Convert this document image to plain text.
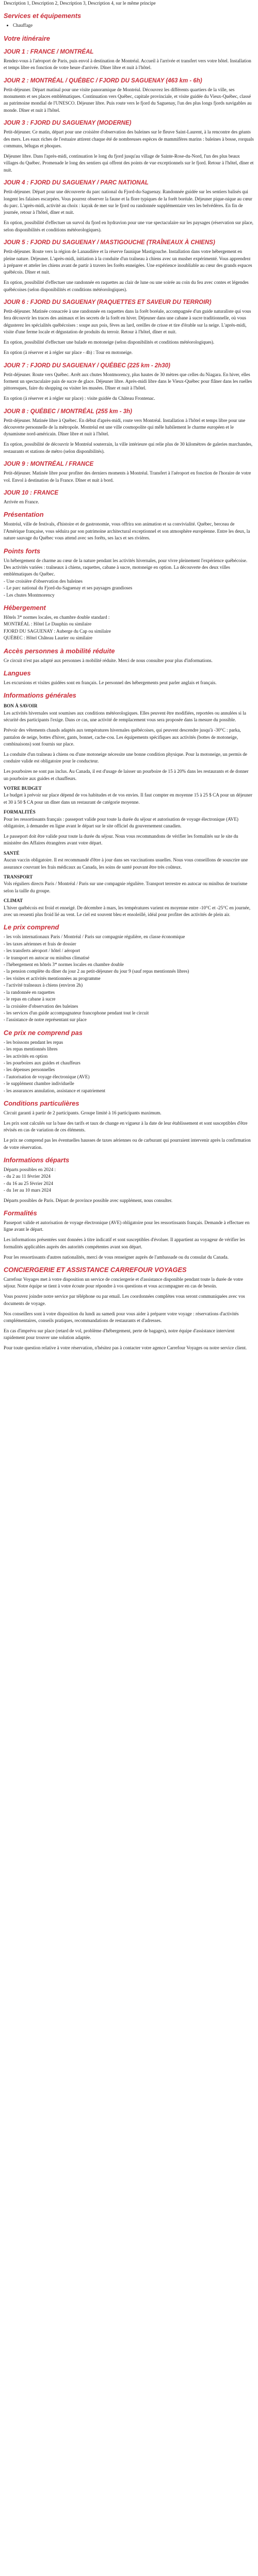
Description 1, Description 2, Description 3, Description 4, sur le même principe

Services et équipements
• Chauffage
Votre itinéraire
JOUR 1 : FRANCE / MONTRÉAL

Rendez-vous à l'aéroport de Paris, puis envol à destination de Montréal. Accueil à l'arrivée et transfert vers votre hôtel. Installation et temps libre en fonction de votre heure d'arrivée. Dîner libre et nuit à l'hôtel.

JOUR 2 : MONTRÉAL / QUÉBEC / FJORD DU SAGUENAY (463 km - 6h)

Petit-déjeuner. Départ matinal pour une visite panoramique de Montréal. Découvrez les différents quartiers de la ville, ses monuments et ses places emblématiques. Continuation vers Québec, capitale provinciale, et visite guidée du Vieux-Québec, classé au patrimoine mondial de l'UNESCO. Déjeuner libre. Puis route vers le fjord du Saguenay, l'un des plus longs fjords navigables au monde. Dîner et nuit à l'hôtel.

JOUR 3 : FJORD DU SAGUENAY (MODERNE)

Petit-déjeuner. Ce matin, départ pour une croisière d'observation des baleines sur le fleuve Saint-Laurent, à la rencontre des géants des mers. Les eaux riches de l'estuaire attirent chaque été de nombreuses espèces de mammifères marins : baleines à bosse, rorquals communs, bélugas et phoques.

Déjeuner libre. Dans l'après-midi, continuation le long du fjord jusqu'au village de Sainte-Rose-du-Nord, l'un des plus beaux villages du Québec. Promenade le long des sentiers qui offrent des points de vue exceptionnels sur le fjord. Retour à l'hôtel, dîner et nuit.

JOUR 4 : FJORD DU SAGUENAY / PARC NATIONAL

Petit-déjeuner. Départ pour une découverte du parc national du Fjord-du-Saguenay. Randonnée guidée sur les sentiers balisés qui longent les falaises escarpées. Vous pourrez observer la faune et la flore typiques de la forêt boréale. Déjeuner pique-nique au cœur du parc. L'après-midi, activité au choix : kayak de mer sur le fjord ou randonnée supplémentaire vers les belvédères. En fin de journée, retour à l'hôtel, dîner et nuit.

En option, possibilité d'effectuer un survol du fjord en hydravion pour une vue spectaculaire sur les paysages (réservation sur place, selon disponibilités et conditions météorologiques).

JOUR 5 : FJORD DU SAGUENAY / MASTIGOUCHE (TRAÎNEAUX À CHIENS)

Petit-déjeuner. Route vers la région de Lanaudière et la réserve faunique Mastigouche. Installation dans votre hébergement en pleine nature. Déjeuner. L'après-midi, initiation à la conduite d'un traîneau à chiens avec un musher expérimenté. Vous apprendrez à préparer et atteler les chiens avant de partir à travers les forêts enneigées. Une expérience inoubliable au cœur des grands espaces québécois. Dîner et nuit.

En option, possibilité d'effectuer une randonnée en raquettes au clair de lune ou une soirée au coin du feu avec contes et légendes québécoises (selon disponibilités et conditions météorologiques).

JOUR 6 : FJORD DU SAGUENAY (RAQUETTES ET SAVEUR DU TERROIR)

Petit-déjeuner. Matinée consacrée à une randonnée en raquettes dans la forêt boréale, accompagnée d'un guide naturaliste qui vous fera découvrir les traces des animaux et les secrets de la forêt en hiver. Déjeuner dans une cabane à sucre traditionnelle, où vous dégusterez les spécialités québécoises : soupe aux pois, fèves au lard, oreilles de crisse et tire d'érable sur la neige. L'après-midi, visite d'une ferme locale et dégustation de produits du terroir. Retour à l'hôtel, dîner et nuit.

En option, possibilité d'effectuer une balade en motoneige (selon disponibilités et conditions météorologiques).

En option (à réserver et à régler sur place - 4h) : Tour en motoneige.

JOUR 7 : FJORD DU SAGUENAY / QUÉBEC (225 km - 2h30)

Petit-déjeuner. Route vers Québec. Arrêt aux chutes Montmorency, plus hautes de 30 mètres que celles du Niagara. En hiver, elles forment un spectaculaire pain de sucre de glace. Déjeuner libre. Après-midi libre dans le Vieux-Québec pour flâner dans les ruelles pittoresques, faire du shopping ou visiter les musées. Dîner et nuit à l'hôtel.

En option (à réserver et à régler sur place) : visite guidée du Château Frontenac.

JOUR 8 : QUÉBEC / MONTRÉAL (255 km - 3h)

Petit-déjeuner. Matinée libre à Québec. En début d'après-midi, route vers Montréal. Installation à l'hôtel et temps libre pour une découverte personnelle de la métropole. Montréal est une ville cosmopolite qui mêle habilement le charme européen et le dynamisme nord-américain. Dîner libre et nuit à l'hôtel.

En option, possibilité de découvrir le Montréal souterrain, la ville intérieure qui relie plus de 30 kilomètres de galeries marchandes, restaurants et stations de métro (selon disponibilités).

JOUR 9 : MONTRÉAL / FRANCE

Petit-déjeuner. Matinée libre pour profiter des derniers moments à Montréal. Transfert à l'aéroport en fonction de l'horaire de votre vol. Envol à destination de la France. Dîner et nuit à bord.

JOUR 10 : FRANCE

Arrivée en France.

Présentation

Montréal, ville de festivals, d'histoire et de gastronomie, vous offrira son animation et sa convivialité. Québec, berceau de l'Amérique française, vous séduira par son patrimoine architectural exceptionnel et son atmosphère européenne. Entre les deux, la nature sauvage du Québec vous attend avec ses forêts, ses lacs et ses rivières.

Points forts

Un hébergement de charme au cœur de la nature pendant les activités hivernales, pour vivre pleinement l'expérience québécoise. Des activités variées : traîneaux à chiens, raquettes, cabane à sucre, motoneige en option. La découverte des deux villes emblématiques du Québec.

- Une croisière d'observation des baleines
- Le parc national du Fjord-du-Saguenay et ses paysages grandioses
- Les chutes Montmorency
Hébergement

Hôtels 3* normes locales, en chambre double standard :

MONTRÉAL : Hôtel Le Dauphin ou similaire
FJORD DU SAGUENAY : Auberge du Cap ou similaire
QUÉBEC : Hôtel Château Laurier ou similaire
Accès personnes à mobilité réduite

Ce circuit n'est pas adapté aux personnes à mobilité réduite. Merci de nous consulter pour plus d'informations.

Langues

Les excursions et visites guidées sont en français. Le personnel des hébergements peut parler anglais et français.

Informations générales
BON À SAVOIR

Les activités hivernales sont soumises aux conditions météorologiques. Elles peuvent être modifiées, reportées ou annulées si la sécurité des participants l'exige. Dans ce cas, une activité de remplacement vous sera proposée dans la mesure du possible.

Prévoir des vêtements chauds adaptés aux températures hivernales québécoises, qui peuvent descendre jusqu'à -30°C : parka, pantalon de neige, bottes d'hiver, gants, bonnet, cache-cou. Les équipements spécifiques aux activités (bottes de motoneige, combinaisons) sont fournis sur place.

La conduite d'un traîneau à chiens ou d'une motoneige nécessite une bonne condition physique. Pour la motoneige, un permis de conduire valide est obligatoire pour le conducteur.

Les pourboires ne sont pas inclus. Au Canada, il est d'usage de laisser un pourboire de 15 à 20% dans les restaurants et de donner un pourboire aux guides et chauffeurs.

VOTRE BUDGET

Le budget à prévoir sur place dépend de vos habitudes et de vos envies. Il faut compter en moyenne 15 à 25 $ CA pour un déjeuner et 30 à 50 $ CA pour un dîner dans un restaurant de catégorie moyenne.

FORMALITÉS

Pour les ressortissants français : passeport valide pour toute la durée du séjour et autorisation de voyage électronique (AVE) obligatoire, à demander en ligne avant le départ sur le site officiel du gouvernement canadien.

Le passeport doit être valide pour toute la durée du séjour. Nous vous recommandons de vérifier les formalités sur le site du ministère des Affaires étrangères avant votre départ.

SANTÉ

Aucun vaccin obligatoire. Il est recommandé d'être à jour dans ses vaccinations usuelles. Nous vous conseillons de souscrire une assurance couvrant les frais médicaux au Canada, les soins de santé pouvant être très coûteux.

TRANSPORT

Vols réguliers directs Paris / Montréal / Paris sur une compagnie régulière. Transport terrestre en autocar ou minibus de tourisme selon la taille du groupe.

CLIMAT

L'hiver québécois est froid et enneigé. De décembre à mars, les températures varient en moyenne entre -10°C et -25°C en journée, avec un ressenti plus froid lié au vent. Le ciel est souvent bleu et ensoleillé, idéal pour profiter des activités de plein air.

Le prix comprend
- les vols internationaux Paris / Montréal / Paris sur compagnie régulière, en classe économique
- les taxes aériennes et frais de dossier
- les transferts aéroport / hôtel / aéroport
- le transport en autocar ou minibus climatisé
- l'hébergement en hôtels 3* normes locales en chambre double
- la pension complète du dîner du jour 2 au petit-déjeuner du jour 9 (sauf repas mentionnés libres)
- les visites et activités mentionnées au programme
- l'activité traîneaux à chiens (environ 2h)
- la randonnée en raquettes
- le repas en cabane à sucre
- la croisière d'observation des baleines
- les services d'un guide accompagnateur francophone pendant tout le circuit
- l'assistance de notre représentant sur place
Ce prix ne comprend pas
- les boissons pendant les repas
- les repas mentionnés libres
- les activités en option
- les pourboires aux guides et chauffeurs
- les dépenses personnelles
- l'autorisation de voyage électronique (AVE)
- le supplément chambre individuelle
- les assurances annulation, assistance et rapatriement
Conditions particulières

Circuit garanti à partir de 2 participants. Groupe limité à 16 participants maximum.

Les prix sont calculés sur la base des tarifs et taux de change en vigueur à la date de leur établissement et sont susceptibles d'être révisés en cas de variation de ces éléments.

Le prix ne comprend pas les éventuelles hausses de taxes aériennes ou de carburant qui pourraient intervenir après la confirmation de votre réservation.

Informations départs
Départs possibles en 2024 :
- du 2 au 11 février 2024
- du 16 au 25 février 2024
- du 1er au 10 mars 2024

Départs possibles de Paris. Départ de province possible avec supplément, nous consulter.

Formalités

Passeport valide et autorisation de voyage électronique (AVE) obligatoire pour les ressortissants français. Demande à effectuer en ligne avant le départ.

Les informations présentées sont données à titre indicatif et sont susceptibles d'évoluer. Il appartient au voyageur de vérifier les formalités applicables auprès des autorités compétentes avant son départ.

Pour les ressortissants d'autres nationalités, merci de vous renseigner auprès de l'ambassade ou du consulat du Canada.

CONCIERGERIE ET ASSISTANCE CARREFOUR VOYAGES

Carrefour Voyages met à votre disposition un service de conciergerie et d'assistance disponible pendant toute la durée de votre séjour. Notre équipe se tient à votre écoute pour répondre à vos questions et vous accompagner en cas de besoin.

Vous pouvez joindre notre service par téléphone ou par email. Les coordonnées complètes vous seront communiquées avec vos documents de voyage.

Nos conseillers sont à votre disposition du lundi au samedi pour vous aider à préparer votre voyage : réservations d'activités complémentaires, conseils pratiques, recommandations de restaurants et d'adresses.

En cas d'imprévu sur place (retard de vol, problème d'hébergement, perte de bagages), notre équipe d'assistance intervient rapidement pour trouver une solution adaptée.

Pour toute question relative à votre réservation, n'hésitez pas à contacter votre agence Carrefour Voyages ou notre service client.
